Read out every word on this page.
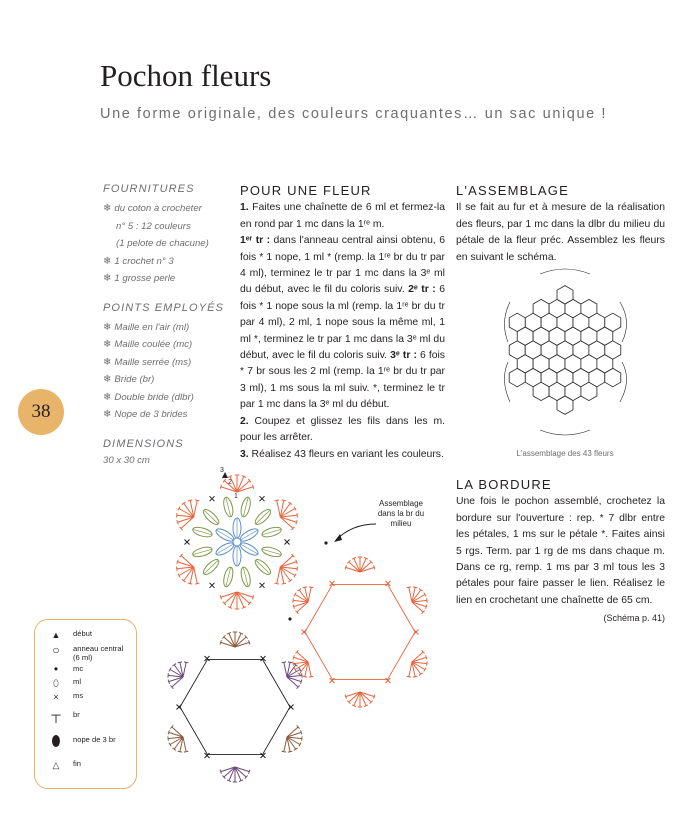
Pochon fleurs
Une forme originale, des couleurs craquantes… un sac unique !
FOURNITURES
❄ du coton à crocheter
n° 5 : 12 couleurs
(1 pelote de chacune)
❄ 1 crochet n° 3
❄ 1 grosse perle
POINTS EMPLOYÉS
❄ Maille en l'air (ml)
❄ Maille coulée (mc)
❄ Maille serrée (ms)
❄ Bride (br)
❄ Double bride (dlbr)
❄ Nope de 3 brides
DIMENSIONS
30 x 30 cm
38
POUR UNE FLEUR

1. Faites une chaînette de 6 ml et fermez-la en rond par 1 mc dans la 1ʳᵉ m.

1ᵉʳ tr : dans l'anneau central ainsi obtenu, 6 fois * 1 nope, 1 ml * (remp. la 1ʳᵉ br du tr par 4 ml), terminez le tr par 1 mc dans la 3ᵉ ml du début, avec le fil du coloris suiv. 2ᵉ tr : 6 fois * 1 nope sous la ml (remp. la 1ʳᵉ br du tr par 4 ml), 2 ml, 1 nope sous la même ml, 1 ml *, terminez le tr par 1 mc dans la 3ᵉ ml du début, avec le fil du coloris suiv. 3ᵉ tr : 6 fois * 7 br sous les 2 ml (remp. la 1ʳᵉ br du tr par 3 ml), 1 ms sous la ml suiv. *, terminez le tr par 1 mc dans la 3ᵉ ml du début.

2. Coupez et glissez les fils dans les m. pour les arrêter.

3. Réalisez 43 fleurs en variant les couleurs.

L'ASSEMBLAGE

Il se fait au fur et à mesure de la réalisation des fleurs, par 1 mc dans la dlbr du milieu du pétale de la fleur préc. Assemblez les fleurs en suivant le schéma.

L'assemblage des 43 fleurs
LA BORDURE

Une fois le pochon assemblé, crochetez la bordure sur l'ouverture : rep. * 7 dlbr entre les pétales, 1 ms sur le pétale *. Faites ainsi 5 rgs. Term. par 1 rg de ms dans chaque m. Dans ce rg, remp. 1 ms par 3 ml tous les 3 pétales pour faire passer le lien. Réalisez le lien en crochetant une chaînette de 65 cm.

(Schéma p. 41)
1
2
3
Assemblage dans la br du milieu
▲	début
○	anneau central (6 ml)
•	mc
⬯	ml
×	ms
┬	br
⬮	nope de 3 br
△	fin
